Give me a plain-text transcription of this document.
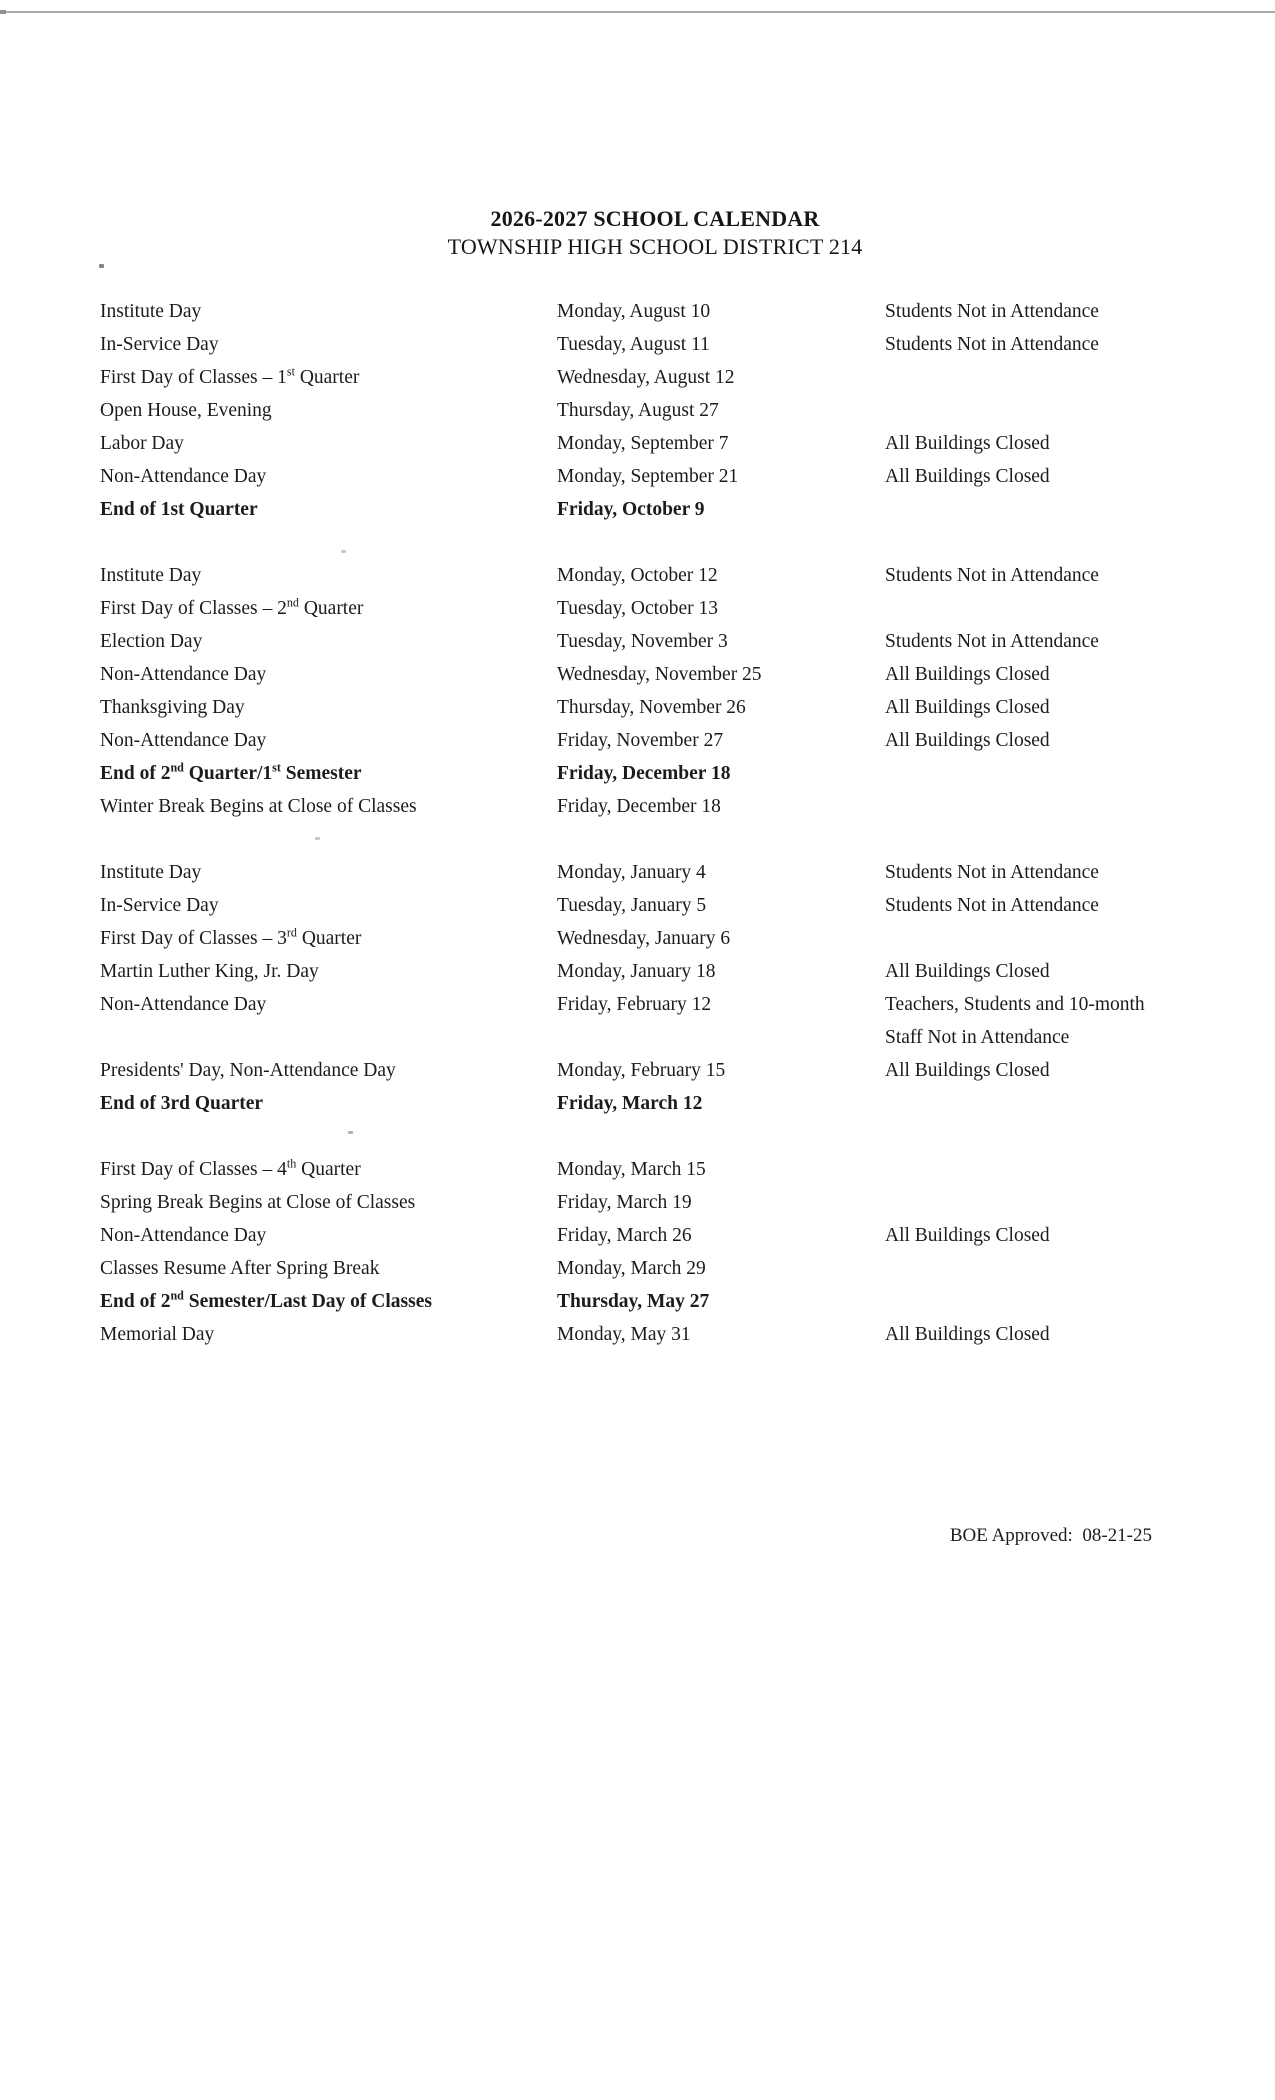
2026-2027 SCHOOL CALENDAR
TOWNSHIP HIGH SCHOOL DISTRICT 214
Institute Day	Monday, August 10	Students Not in Attendance
In-Service Day	Tuesday, August 11	Students Not in Attendance
First Day of Classes – 1st Quarter	Wednesday, August 12
Open House, Evening	Thursday, August 27
Labor Day	Monday, September 7	All Buildings Closed
Non-Attendance Day	Monday, September 21	All Buildings Closed
End of 1st Quarter	Friday, October 9
Institute Day	Monday, October 12	Students Not in Attendance
First Day of Classes – 2nd Quarter	Tuesday, October 13
Election Day	Tuesday, November 3	Students Not in Attendance
Non-Attendance Day	Wednesday, November 25	All Buildings Closed
Thanksgiving Day	Thursday, November 26	All Buildings Closed
Non-Attendance Day	Friday, November 27	All Buildings Closed
End of 2nd Quarter/1st Semester	Friday, December 18
Winter Break Begins at Close of Classes	Friday, December 18
Institute Day	Monday, January 4	Students Not in Attendance
In-Service Day	Tuesday, January 5	Students Not in Attendance
First Day of Classes – 3rd Quarter	Wednesday, January 6
Martin Luther King, Jr. Day	Monday, January 18	All Buildings Closed
Non-Attendance Day	Friday, February 12	Teachers, Students and 10-month Staff Not in Attendance
Presidents' Day, Non-Attendance Day	Monday, February 15	All Buildings Closed
End of 3rd Quarter	Friday, March 12
First Day of Classes – 4th Quarter	Monday, March 15
Spring Break Begins at Close of Classes	Friday, March 19
Non-Attendance Day	Friday, March 26	All Buildings Closed
Classes Resume After Spring Break	Monday, March 29
End of 2nd Semester/Last Day of Classes	Thursday, May 27
Memorial Day	Monday, May 31	All Buildings Closed
BOE Approved:  08-21-25
